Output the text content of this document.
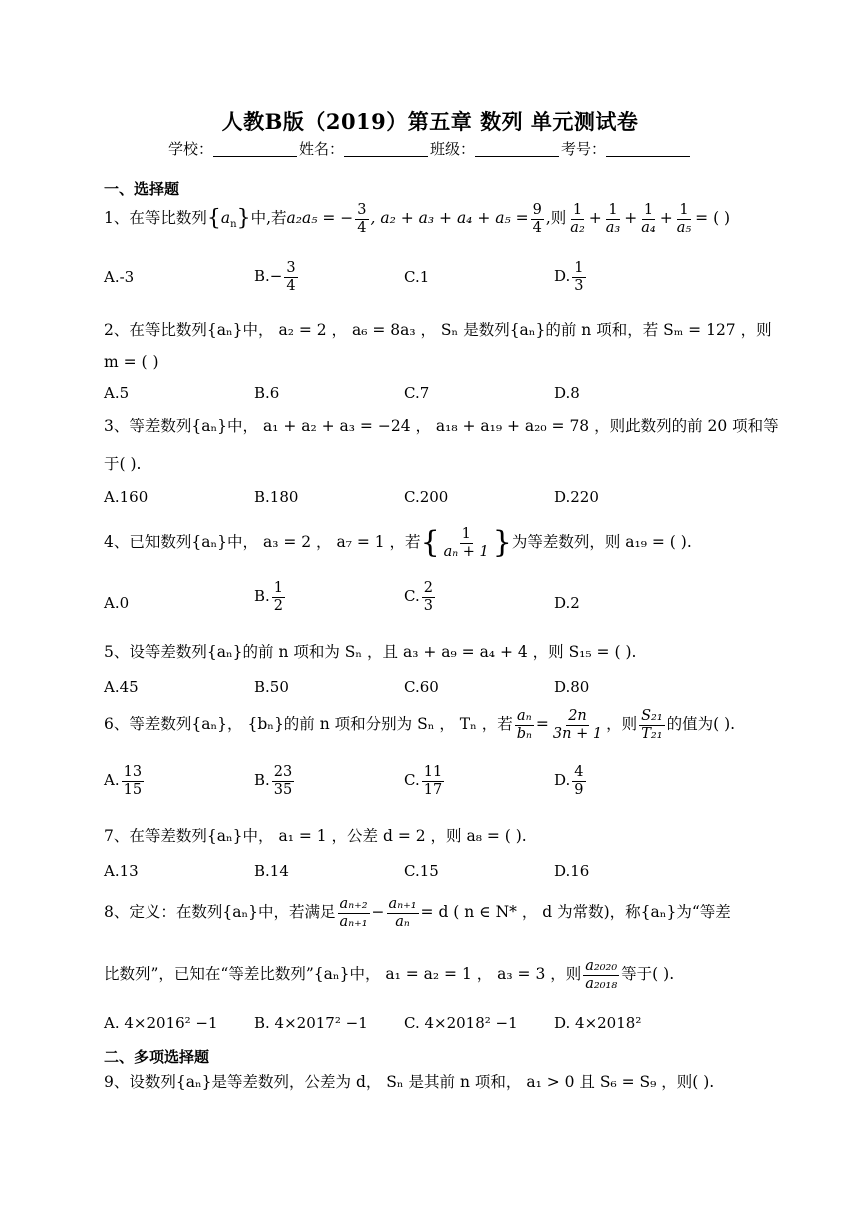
人教B版（2019）第五章 数列 单元测试卷
学校：	姓名：	班级：	考号：
一、选择题
1、在等比数列$\{a_n\}$中,若a₂a₅ = − $\frac{3}{4}$ , $a_2 + a_3 + a_4 + a_5 = \frac{9}{4}$ ,则 $\frac{1}{\text{a₂}} + \frac{1}{\text{a₃}} + \frac{1}{\text{a₄}} + \frac{1}{\text{a₅}}$ = ( )
A.-3	$B.- \frac{3}{4}$	C.1	D. $\frac{1}{3}$
2、在等比数列{aₙ}中， a₂ = 2 ， a₆ = 8a₃ ， Sₙ 是数列{aₙ}的前 n 项和，若 Sₘ = 127 ，则
m = ( )
A.5	B.6	C.7	D.8
3、等差数列{aₙ}中， a₁ + a₂ + a₃ = −24 ， a₁₈ + a₁₉ + a₂₀ = 78 ，则此数列的前 20 项和等
于( ).
A.160	B.180	C.200	D.220
4、已知数列{aₙ}中， a₃ = 2 ， a₇ = 1 ，若{ $\frac{1}{\text{aₙ + 1}}$ }为等差数列，则 a₁₉ = ( ).
A.0	B. $\frac{1}{2}$	C. $\frac{2}{3}$	D.2
5、设等差数列{aₙ}的前 n 项和为 Sₙ ，且 a₃ + a₉ = a₄ + 4 ，则 S₁₅ = ( ).
A.45	B.50	C.60	D.80
6、等差数列{aₙ}， {bₙ}的前 n 项和分别为 Sₙ ， Tₙ ，若 $\frac{\text{aₙ}}{\text{bₙ}} = \frac{2n}{3n + 1}$ ，则 $\frac{\text{S₂₁}}{\text{T₂₁}}$ 的值为( ).
A. $\frac{13}{15}$	B. $\frac{23}{35}$	C. $\frac{11}{17}$	D. $\frac{4}{9}$
7、在等差数列{aₙ}中， a₁ = 1 ，公差 d = 2 ，则 a₈ = ( ).
A.13	B.14	C.15	D.16
8、定义：在数列{aₙ}中，若满足 $\frac{\text{aₙ₊₂}}{\text{aₙ₊₁}} - \frac{\text{aₙ₊₁}}{\text{aₙ}} = d$ ( n ∈ N* ， d 为常数)，称{aₙ}为“等差
比数列”，已知在“等差比数列”{aₙ}中， a₁ = a₂ = 1 ， a₃ = 3 ，则 $\frac{\text{a₂₀₂₀}}{\text{a₂₀₁₈}}$ 等于( ).
A. 4×2016² −1 B. 4×2017² −1 C. 4×2018² −1 D. 4×2018²
二、多项选择题
9、设数列{aₙ}是等差数列，公差为 d， Sₙ 是其前 n 项和， a₁ > 0 且 S₆ = S₉ ，则( ).
